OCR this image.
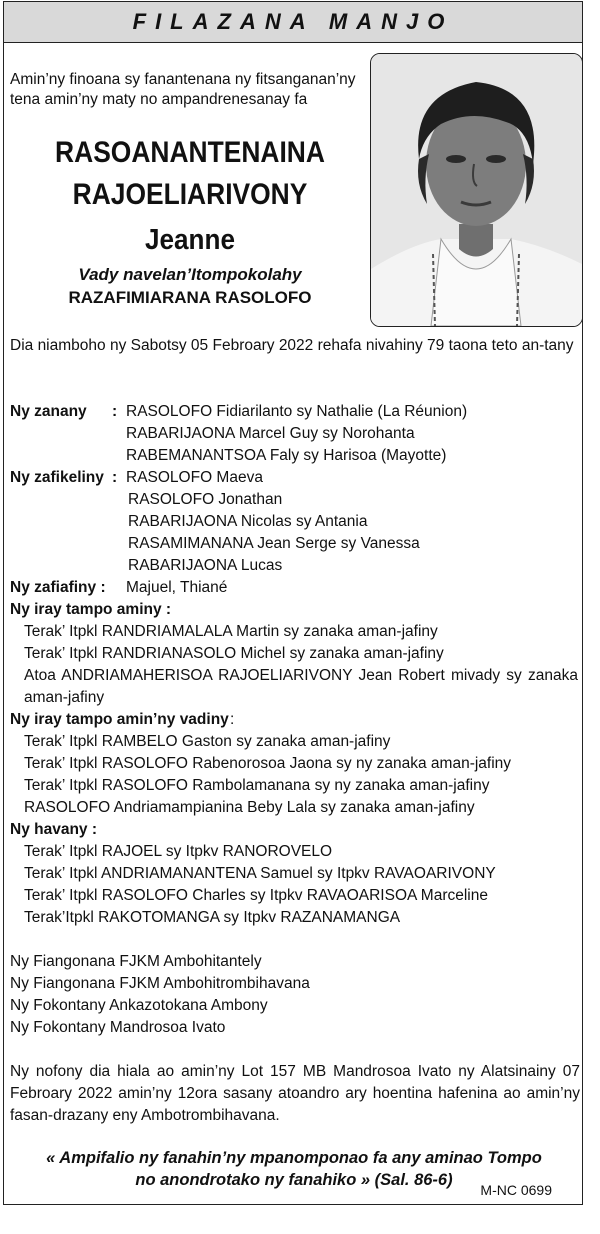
FILAZANA MANJO
Amin’ny finoana sy fanantenana ny fitsanganan’ny tena amin’ny maty no ampandrenesanay fa
RASOANANTENAINA
RAJOELIARIVONY
Jeanne
Vady navelan’Itompokolahy
RAZAFIMIARANA RASOLOFO
Dia niamboho ny Sabotsy 05 Febroary 2022 rehafa nivahiny 79 taona teto an-tany
Ny zanany : RASOLOFO Fidiarilanto sy Nathalie (La Réunion)
RABARIJAONA Marcel Guy sy Norohanta
RABEMANANTSOA Faly sy Harisoa (Mayotte)
Ny zafikeliny : RASOLOFO Maeva
RASOLOFO Jonathan
RABARIJAONA Nicolas sy Antania
RASAMIMANANA Jean Serge sy Vanessa
RABARIJAONA Lucas
Ny zafiafiny : Majuel, Thiané
Ny iray tampo aminy :
Terak’ Itpkl RANDRIAMALALA Martin sy zanaka aman-jafiny
Terak’ Itpkl RANDRIANASOLO Michel sy zanaka aman-jafiny
Atoa ANDRIAMAHERISOA RAJOELIARIVONY Jean Robert mivady sy zanaka aman-jafiny
Ny iray tampo amin’ny vadiny :
Terak’ Itpkl RAMBELO Gaston sy zanaka aman-jafiny
Terak’ Itpkl RASOLOFO Rabenorosoa Jaona sy ny zanaka aman-jafiny
Terak’ Itpkl RASOLOFO Rambolamanana sy ny zanaka aman-jafiny
RASOLOFO Andriamampianina Beby Lala sy zanaka aman-jafiny
Ny havany :
Terak’ Itpkl RAJOEL sy Itpkv RANOROVELO
Terak’ Itpkl ANDRIAMANANTENA Samuel sy Itpkv RAVAOARIVONY
Terak’ Itpkl RASOLOFO Charles sy Itpkv RAVAOARISOA Marceline
Terak’Itpkl RAKOTOMANGA sy Itpkv RAZANAMANGA
Ny Fiangonana FJKM Ambohitantely
Ny Fiangonana FJKM Ambohitrombihavana
Ny Fokontany Ankazotokana Ambony
Ny Fokontany Mandrosoa Ivato
Ny nofony dia hiala ao amin’ny Lot 157 MB Mandrosoa Ivato ny Alatsinainy 07 Febroary 2022 amin’ny 12ora sasany atoandro ary hoentina hafenina ao amin’ny fasan-drazany eny Ambotrombihavana.
« Ampifalio ny fanahin’ny mpanomponao fa any aminao Tompo
no anondrotako ny fanahiko » (Sal. 86-6)
M-NC 0699
